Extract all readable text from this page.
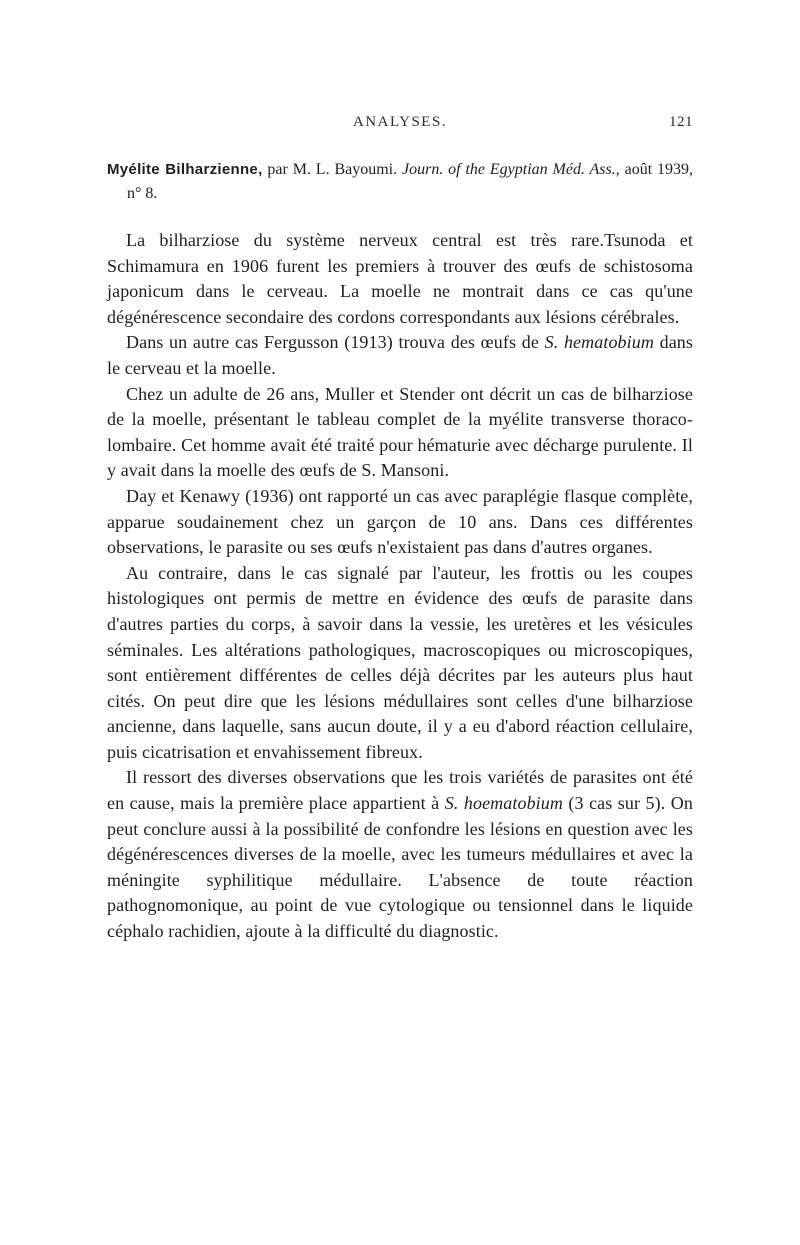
ANALYSES.	121
Myélite Bilharzienne, par M. L. Bayoumi. Journ. of the Egyptian Méd. Ass., août 1939, n° 8.

La bilharziose du système nerveux central est très rare.Tsunoda et Schimamura en 1906 furent les premiers à trouver des œufs de schistosoma japonicum dans le cerveau. La moelle ne montrait dans ce cas qu'une dégénérescence secondaire des cordons correspondants aux lésions cérébrales.

Dans un autre cas Fergusson (1913) trouva des œufs de S. hematobium dans le cerveau et la moelle.

Chez un adulte de 26 ans, Muller et Stender ont décrit un cas de bilharziose de la moelle, présentant le tableau complet de la myélite transverse thoraco-lombaire. Cet homme avait été traité pour hématurie avec décharge purulente. Il y avait dans la moelle des œufs de S. Mansoni.

Day et Kenawy (1936) ont rapporté un cas avec paraplégie flasque complète, apparue soudainement chez un garçon de 10 ans. Dans ces différentes observations, le parasite ou ses œufs n'existaient pas dans d'autres organes.

Au contraire, dans le cas signalé par l'auteur, les frottis ou les coupes histologiques ont permis de mettre en évidence des œufs de parasite dans d'autres parties du corps, à savoir dans la vessie, les uretères et les vésicules séminales. Les altérations pathologiques, macroscopiques ou microscopiques, sont entièrement différentes de celles déjà décrites par les auteurs plus haut cités. On peut dire que les lésions médullaires sont celles d'une bilharziose ancienne, dans laquelle, sans aucun doute, il y a eu d'abord réaction cellulaire, puis cicatrisation et envahissement fibreux.

Il ressort des diverses observations que les trois variétés de parasites ont été en cause, mais la première place appartient à S. hoematobium (3 cas sur 5). On peut conclure aussi à la possibilité de confondre les lésions en question avec les dégénérescences diverses de la moelle, avec les tumeurs médullaires et avec la méningite syphilitique médullaire. L'absence de toute réaction pathognomonique, au point de vue cytologique ou tensionnel dans le liquide céphalo rachidien, ajoute à la difficulté du diagnostic.
